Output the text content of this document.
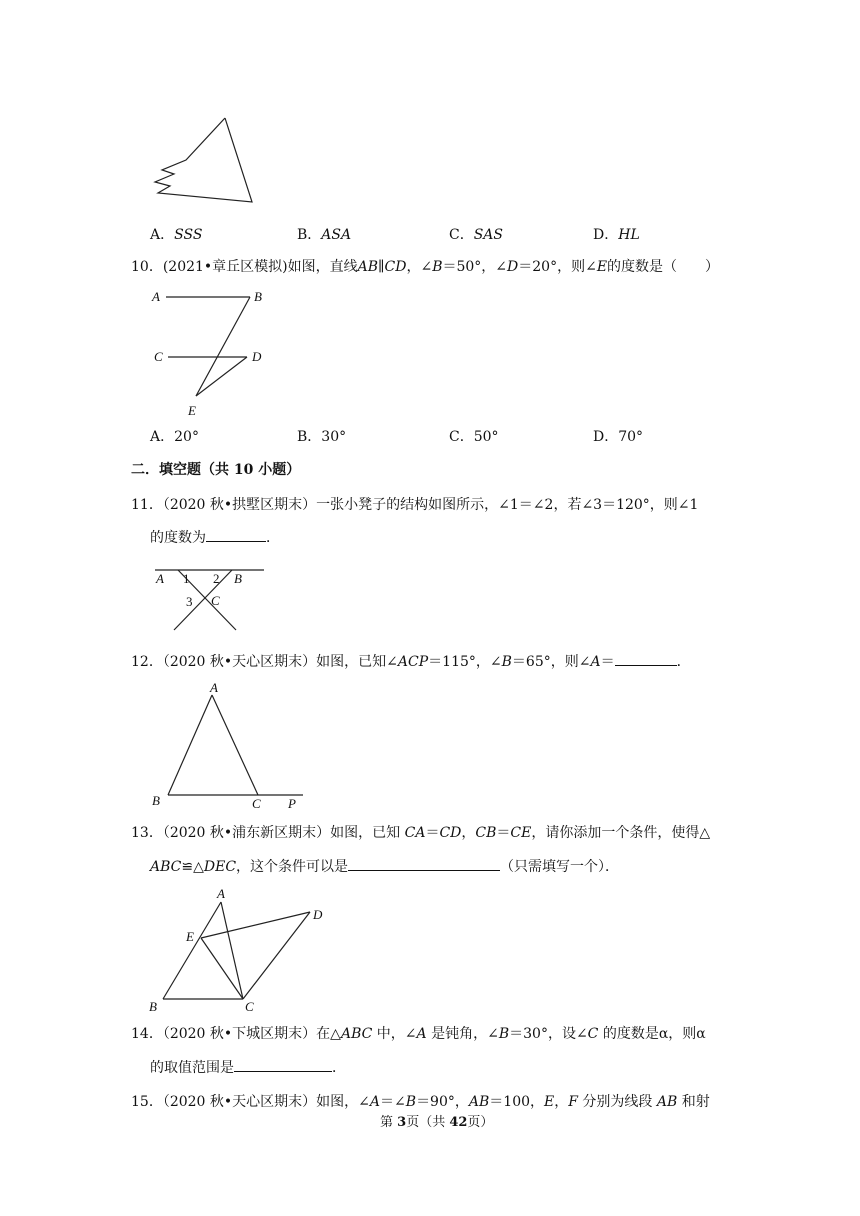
A．SSS	B．ASA	C．SAS	D．HL
10．(2021•章丘区模拟)如图，直线AB∥CD，∠B＝50°，∠D＝20°，则∠E的度数是（　　）
A	B
C	D
E
A．20°	B．30°	C．50°	D．70°
二．填空题（共 10 小题）
11．（2020 秋•拱墅区期末）一张小凳子的结构如图所示，∠1＝∠2，若∠3＝120°，则∠1
的度数为	．
A 1 2 B
3 C
12．（2020 秋•天心区期末）如图，已知∠ACP＝115°，∠B＝65°，则∠A＝	．
A
B	C P
13．（2020 秋•浦东新区期末）如图，已知 CA＝CD，CB＝CE，请你添加一个条件，使得△
ABC≌△DEC，这个条件可以是	（只需填写一个）．
A
B	C
D
E
14．（2020 秋•下城区期末）在△ABC 中，∠A 是钝角，∠B＝30°，设∠C 的度数是α，则α
的取值范围是	．
15．（2020 秋•天心区期末）如图，∠A＝∠B＝90°，AB＝100，E，F 分别为线段 AB 和射
第 3页（共 42页）
